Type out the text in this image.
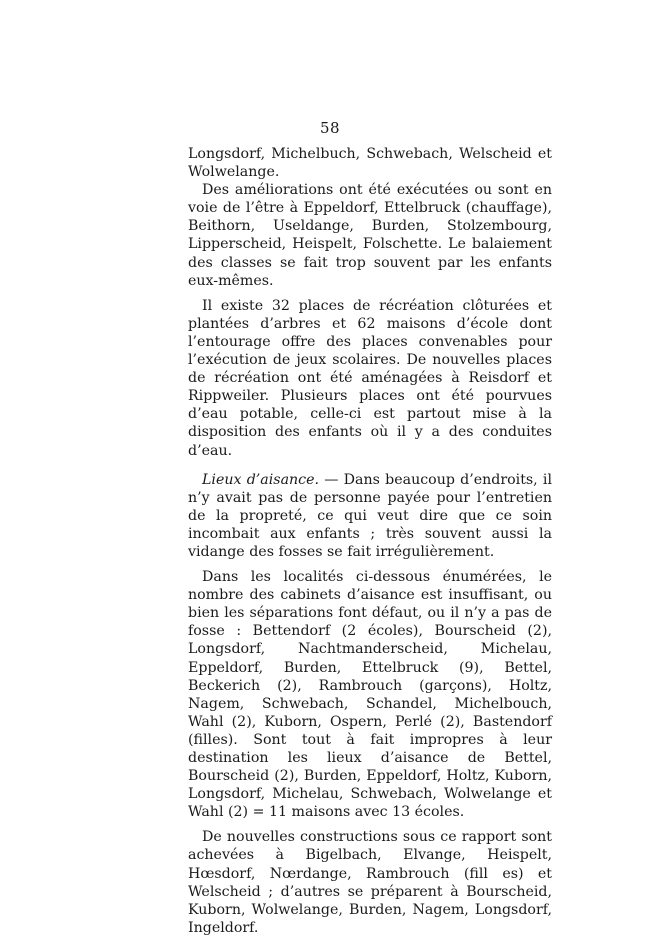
58

Longsdorf, Michelbuch, Schwebach, Welscheid et Wolwelange.

Des améliorations ont été exécutées ou sont en voie de l’être à Eppeldorf, Ettelbruck (chauffage), Beithorn, Useldange, Burden, Stolzembourg, Lipperscheid, Heispelt, Folschette. Le balaiement des classes se fait trop souvent par les enfants eux-mêmes.

Il existe 32 places de récréation clôturées et plantées d’arbres et 62 maisons d’école dont l’entourage offre des places convenables pour l’exécution de jeux scolaires. De nouvelles places de récréation ont été aménagées à Reisdorf et Rippweiler. Plusieurs places ont été pourvues d’eau potable, celle-ci est partout mise à la disposition des enfants où il y a des conduites d’eau.

Lieux d’aisance. — Dans beaucoup d’endroits, il n’y avait pas de personne payée pour l’entretien de la propreté, ce qui veut dire que ce soin incombait aux enfants ; très souvent aussi la vidange des fosses se fait irrégulièrement.

Dans les localités ci-dessous énumérées, le nombre des cabinets d’aisance est insuffisant, ou bien les séparations font défaut, ou il n’y a pas de fosse : Bettendorf (2 écoles), Bourscheid (2), Longsdorf, Nachtmanderscheid, Michelau, Eppeldorf, Burden, Ettelbruck (9), Bettel, Beckerich (2), Rambrouch (garçons), Holtz, Nagem, Schwebach, Schandel, Michelbouch, Wahl (2), Kuborn, Ospern, Perlé (2), Bastendorf (filles). Sont tout à fait impropres à leur destination les lieux d’aisance de Bettel, Bourscheid (2), Burden, Eppeldorf, Holtz, Kuborn, Longsdorf, Michelau, Schwebach, Wolwelange et Wahl (2) = 11 maisons avec 13 écoles.

De nouvelles constructions sous ce rapport sont achevées à Bigelbach, Elvange, Heispelt, Hœsdorf, Nœrdange, Rambrouch (fill es) et Welscheid ; d’autres se préparent à Bourscheid, Kuborn, Wolwelange, Burden, Nagem, Longsdorf, Ingeldorf.
